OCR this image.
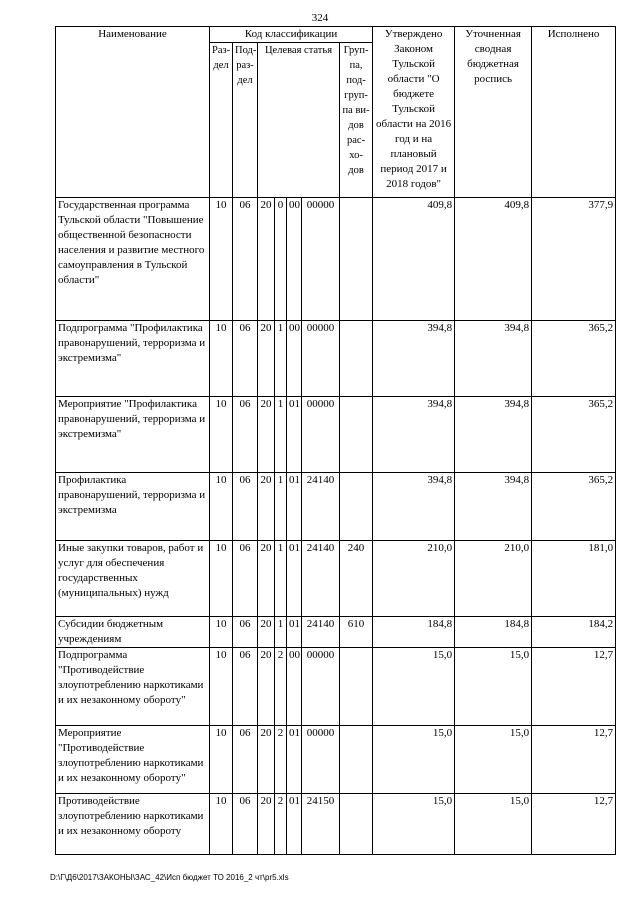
324
Наименование	Код классификации							Утверждено Законом Тульской области "О бюджете Тульской области на 2016 год и на плановый период 2017 и 2018 годов"	Уточненная сводная бюджетная роспись	Исполнено
	Раз-дел	Под-раз-дел	Целевая статья				Груп-па, под-груп-па ви-дов рас-хо-дов			
Государственная программа Тульской области "Повышение общественной безопасности населения и развитие местного самоуправления в Тульской области"	10	06	20	0	00	00000		409,8	409,8	377,9
Подпрограмма "Профилактика правонарушений, терроризма и экстремизма"	10	06	20	1	00	00000		394,8	394,8	365,2
Мероприятие "Профилактика правонарушений, терроризма и экстремизма"	10	06	20	1	01	00000		394,8	394,8	365,2
Профилактика правонарушений, терроризма и экстремизма	10	06	20	1	01	24140		394,8	394,8	365,2
Иные закупки товаров, работ и услуг для обеспечения государственных (муниципальных) нужд	10	06	20	1	01	24140	240	210,0	210,0	181,0
Субсидии бюджетным учреждениям	10	06	20	1	01	24140	610	184,8	184,8	184,2
Подпрограмма "Противодействие злоупотреблению наркотиками и их незаконному обороту"	10	06	20	2	00	00000		15,0	15,0	12,7
Мероприятие "Противодействие злоупотреблению наркотиками и их незаконному обороту"	10	06	20	2	01	00000		15,0	15,0	12,7
Противодействие злоупотреблению наркотиками и их незаконному обороту	10	06	20	2	01	24150		15,0	15,0	12,7
D:\Г\Д6\2017\ЗАКОНЫ\ЗАС_42\Исп бюджет ТО 2016_2 чт\pr5.xls
